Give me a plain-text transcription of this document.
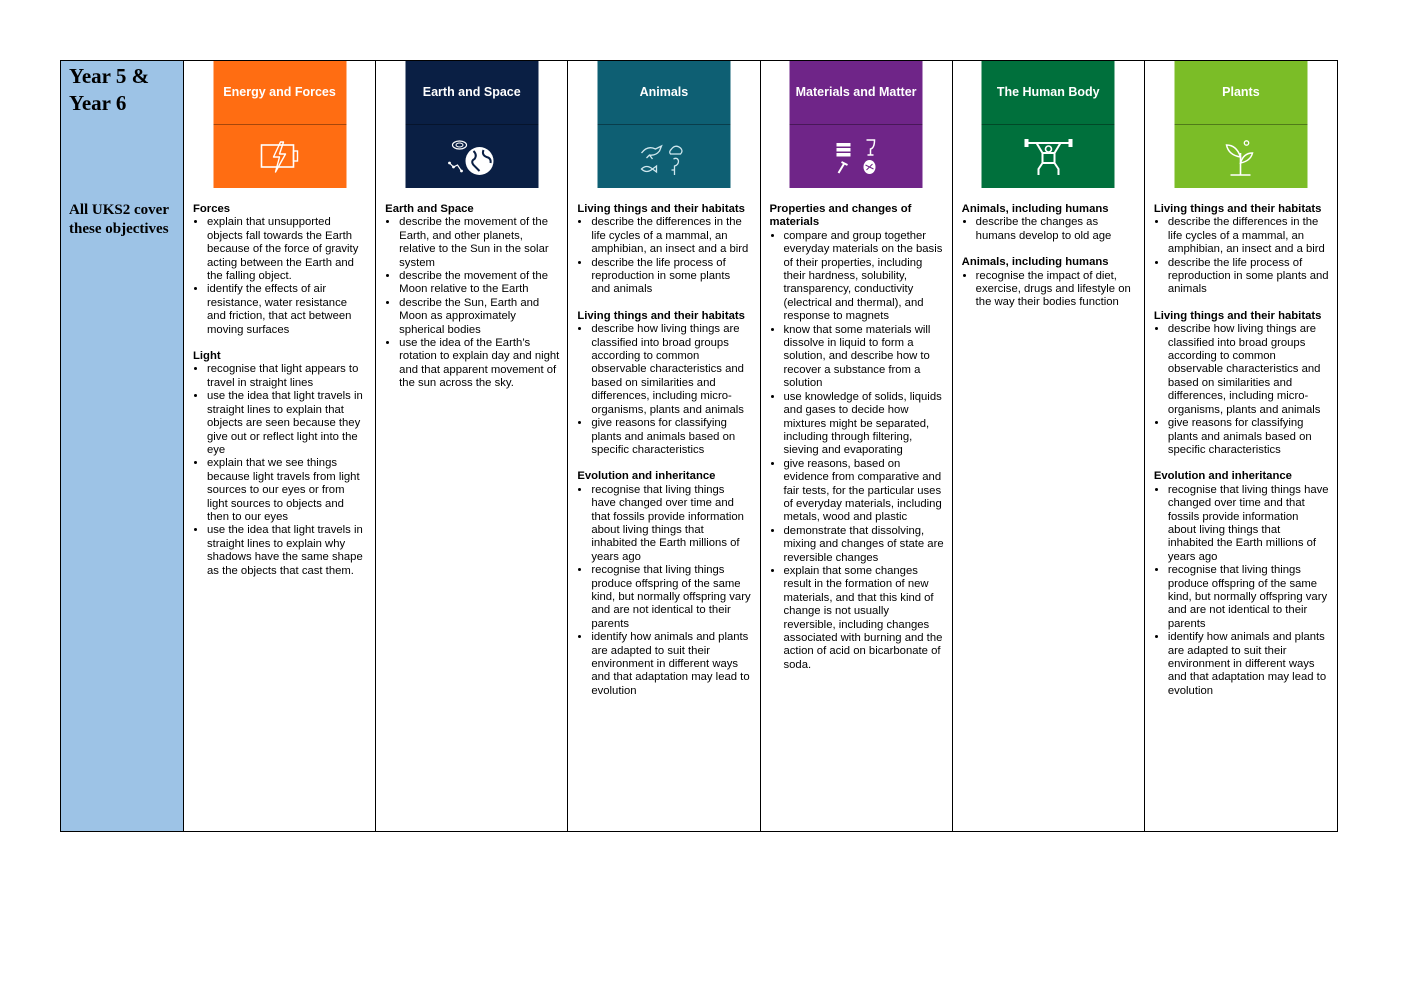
Year 5 & Year 6

All UKS2 cover these objectives

Energy and Forces

Forces

• explain that unsupported objects fall towards the Earth because of the force of gravity acting between the Earth and the falling object.
• identify the effects of air resistance, water resistance and friction, that act between moving surfaces

Light

• recognise that light appears to travel in straight lines
• use the idea that light travels in straight lines to explain that objects are seen because they give out or reflect light into the eye
• explain that we see things because light travels from light sources to our eyes or from light sources to objects and then to our eyes
• use the idea that light travels in straight lines to explain why shadows have the same shape as the objects that cast them.
Earth and Space

Earth and Space

• describe the movement of the Earth, and other planets, relative to the Sun in the solar system
• describe the movement of the Moon relative to the Earth
• describe the Sun, Earth and Moon as approximately spherical bodies
• use the idea of the Earth’s rotation to explain day and night and that apparent movement of the sun across the sky.
Animals

Living things and their habitats

• describe the differences in the life cycles of a mammal, an amphibian, an insect and a bird
• describe the life process of reproduction in some plants and animals

Living things and their habitats

• describe how living things are classified into broad groups according to common observable characteristics and based on similarities and differences, including micro-organisms, plants and animals
• give reasons for classifying plants and animals based on specific characteristics

Evolution and inheritance

• recognise that living things have changed over time and that fossils provide information about living things that inhabited the Earth millions of years ago
• recognise that living things produce offspring of the same kind, but normally offspring vary and are not identical to their parents
• identify how animals and plants are adapted to suit their environment in different ways and that adaptation may lead to evolution
Materials and Matter

Properties and changes of materials

• compare and group together everyday materials on the basis of their properties, including their hardness, solubility, transparency, conductivity (electrical and thermal), and response to magnets
• know that some materials will dissolve in liquid to form a solution, and describe how to recover a substance from a solution
• use knowledge of solids, liquids and gases to decide how mixtures might be separated, including through filtering, sieving and evaporating
• give reasons, based on evidence from comparative and fair tests, for the particular uses of everyday materials, including metals, wood and plastic
• demonstrate that dissolving, mixing and changes of state are reversible changes
• explain that some changes result in the formation of new materials, and that this kind of change is not usually reversible, including changes associated with burning and the action of acid on bicarbonate of soda.
The Human Body

Animals, including humans

• describe the changes as humans develop to old age

Animals, including humans

• recognise the impact of diet, exercise, drugs and lifestyle on the way their bodies function
Plants

Living things and their habitats

• describe the differences in the life cycles of a mammal, an amphibian, an insect and a bird
• describe the life process of reproduction in some plants and animals

Living things and their habitats

• describe how living things are classified into broad groups according to common observable characteristics and based on similarities and differences, including micro-organisms, plants and animals
• give reasons for classifying plants and animals based on specific characteristics

Evolution and inheritance

• recognise that living things have changed over time and that fossils provide information about living things that inhabited the Earth millions of years ago
• recognise that living things produce offspring of the same kind, but normally offspring vary and are not identical to their parents
• identify how animals and plants are adapted to suit their environment in different ways and that adaptation may lead to evolution
